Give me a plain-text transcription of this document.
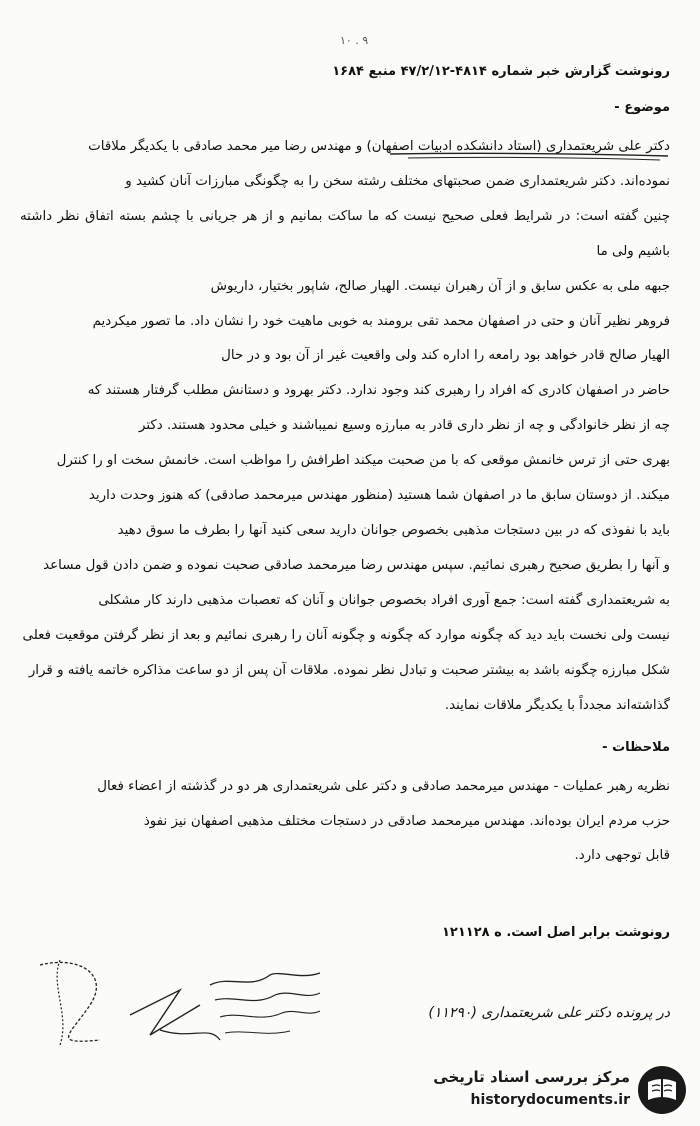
۱۰ . ۹
رونوشت گزارش خبر شماره ۴۸۱۴-۴۷/۲/۱۲ منبع ۱۶۸۴
موضوع -

دکتر علی شریعتمداری (استاد دانشکده ادبیات اصفهان) و مهندس رضا میر محمد صادقی با یکدیگر ملاقات

نموده‌اند. دکتر شریعتمداری ضمن صحبتهای مختلف رشته سخن را به چگونگی مبارزات آنان کشید و

چنین گفته است: در شرایط فعلی صحیح نیست که ما ساکت بمانیم و از هر جریانی با چشم بسته اتفاق نظر داشته باشیم ولی ما

جبهه ملی به عکس سابق و از آن رهبران نیست. الهیار صالح، شاپور بختیار، داریوش

فروهر نظیر آنان و حتی در اصفهان محمد تقی برومند به خوبی ماهیت خود را نشان داد. ما تصور میکردیم

الهیار صالح قادر خواهد بود رامعه را اداره کند ولی واقعیت غیر از آن بود و در حال

حاضر در اصفهان کادری که افراد را رهبری کند وجود ندارد. دکتر بهرود و دستانش مطلب گرفتار هستند که

چه از نظر خانوادگی و چه از نظر داری قادر به مبارزه وسیع نمیباشند و خیلی محدود هستند. دکتر

بهری حتی از ترس خانمش موقعی که با من صحبت میکند اطرافش را مواظب است. خانمش سخت او را کنترل

میکند. از دوستان سابق ما در اصفهان شما هستید (منظور مهندس میرمحمد صادقی) که هنوز وحدت دارید

باید با نفوذی که در بین دستجات مذهبی بخصوص جوانان دارید سعی کنید آنها را بطرف ما سوق دهید

و آنها را بطریق صحیح رهبری نمائیم. سپس مهندس رضا میرمحمد صادقی صحبت نموده و ضمن دادن قول مساعد

به شریعتمداری گفته است: جمع آوری افراد بخصوص جوانان و آنان که تعصبات مذهبی دارند کار مشکلی

نیست ولی نخست باید دید که چگونه موارد که چگونه و چگونه آنان را رهبری نمائیم و بعد از نظر گرفتن موقعیت فعلی

شکل مبارزه چگونه باشد به بیشتر صحبت و تبادل نظر نموده. ملاقات آن پس از دو ساعت مذاکره خاتمه یافته و قرار

گذاشته‌اند مجدداً با یکدیگر ملاقات نمایند.

ملاحظات -

نظریه رهبر عملیات - مهندس میرمحمد صادقی و دکتر علی شریعتمداری هر دو در گذشته از اعضاء فعال

حزب مردم ایران بوده‌اند. مهندس میرمحمد صادقی در دستجات مختلف مذهبی اصفهان نیز نفوذ

قابل توجهی دارد.

رونوشت برابر اصل است. ه ۱۲۱۱۲۸
در پرونده دکتر علی شریعتمداری (۱۱۲۹۰)
مرکز بررسی اسناد تاریخی
historydocuments.ir
